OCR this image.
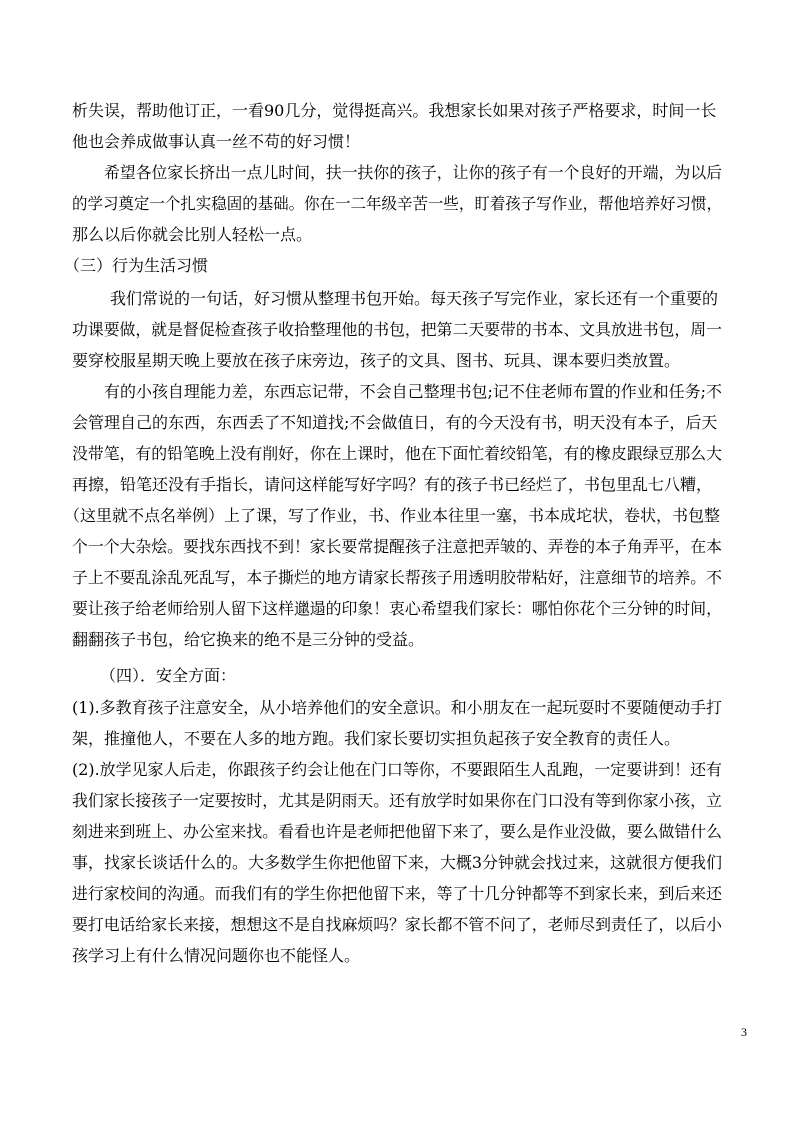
析失误，帮助他订正，一看90几分，觉得挺高兴。我想家长如果对孩子严格要求，时间一长
他也会养成做事认真一丝不苟的好习惯！
希望各位家长挤出一点儿时间，扶一扶你的孩子，让你的孩子有一个良好的开端，为以后
的学习奠定一个扎实稳固的基础。你在一二年级辛苦一些，盯着孩子写作业，帮他培养好习惯，
那么以后你就会比别人轻松一点。
（三）行为生活习惯
我们常说的一句话，好习惯从整理书包开始。每天孩子写完作业，家长还有一个重要的
功课要做，就是督促检查孩子收拾整理他的书包，把第二天要带的书本、文具放进书包，周一
要穿校服星期天晚上要放在孩子床旁边，孩子的文具、图书、玩具、课本要归类放置。
有的小孩自理能力差，东西忘记带，不会自己整理书包;记不住老师布置的作业和任务;不
会管理自己的东西，东西丢了不知道找;不会做值日，有的今天没有书，明天没有本子，后天
没带笔，有的铅笔晚上没有削好，你在上课时，他在下面忙着绞铅笔，有的橡皮跟绿豆那么大
再擦，铅笔还没有手指长，请问这样能写好字吗？有的孩子书已经烂了，书包里乱七八糟，
（这里就不点名举例）上了课，写了作业，书、作业本往里一塞，书本成坨状，卷状，书包整
个一个大杂烩。要找东西找不到！家长要常提醒孩子注意把弄皱的、弄卷的本子角弄平，在本
子上不要乱涂乱死乱写，本子撕烂的地方请家长帮孩子用透明胶带粘好，注意细节的培养。不
要让孩子给老师给别人留下这样邋遢的印象！衷心希望我们家长：哪怕你花个三分钟的时间，
翻翻孩子书包，给它换来的绝不是三分钟的受益。
（四）．安全方面：
(1).多教育孩子注意安全，从小培养他们的安全意识。和小朋友在一起玩耍时不要随便动手打
架，推撞他人，不要在人多的地方跑。我们家长要切实担负起孩子安全教育的责任人。
(2).放学见家人后走，你跟孩子约会让他在门口等你，不要跟陌生人乱跑，一定要讲到！还有
我们家长接孩子一定要按时，尤其是阴雨天。还有放学时如果你在门口没有等到你家小孩，立
刻进来到班上、办公室来找。看看也许是老师把他留下来了，要么是作业没做，要么做错什么
事，找家长谈话什么的。大多数学生你把他留下来，大概3分钟就会找过来，这就很方便我们
进行家校间的沟通。而我们有的学生你把他留下来，等了十几分钟都等不到家长来，到后来还
要打电话给家长来接，想想这不是自找麻烦吗？家长都不管不问了，老师尽到责任了，以后小
孩学习上有什么情况问题你也不能怪人。
3
